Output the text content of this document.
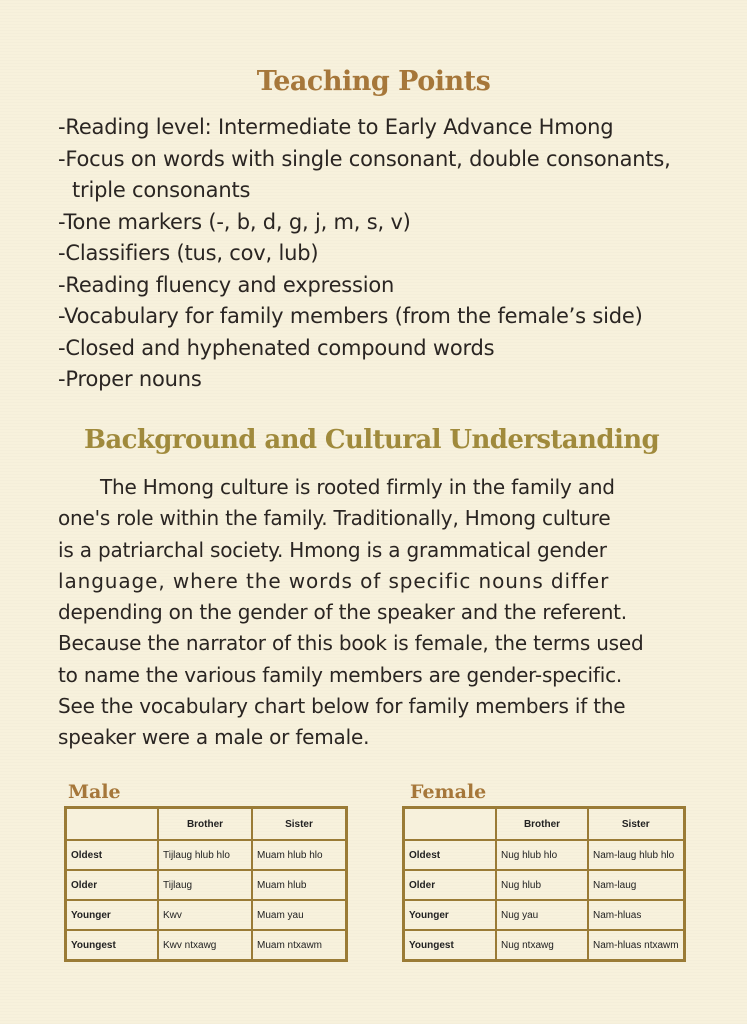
Teaching Points
-Reading level: Intermediate to Early Advance Hmong
-Focus on words with single consonant, double consonants,
triple consonants
-Tone markers (-, b, d, g, j, m, s, v)
-Classifiers (tus, cov, lub)
-Reading fluency and expression
-Vocabulary for family members (from the female’s side)
-Closed and hyphenated compound words
-Proper nouns
Background and Cultural Understanding
The Hmong culture is rooted firmly in the family and
one's role within the family. Traditionally, Hmong culture
is a patriarchal society. Hmong is a grammatical gender
language, where the words of specific nouns differ
depending on the gender of the speaker and the referent.
Because the narrator of this book is female, the terms used
to name the various family members are gender-specific.
See the vocabulary chart below for family members if the
speaker were a male or female.
Male
	Brother	Sister
Oldest	Tijlaug hlub hlo	Muam hlub hlo
Older	Tijlaug	Muam hlub
Younger	Kwv	Muam yau
Youngest	Kwv ntxawg	Muam ntxawm
Female
	Brother	Sister
Oldest	Nug hlub hlo	Nam-laug hlub hlo
Older	Nug hlub	Nam-laug
Younger	Nug yau	Nam-hluas
Youngest	Nug ntxawg	Nam-hluas ntxawm
